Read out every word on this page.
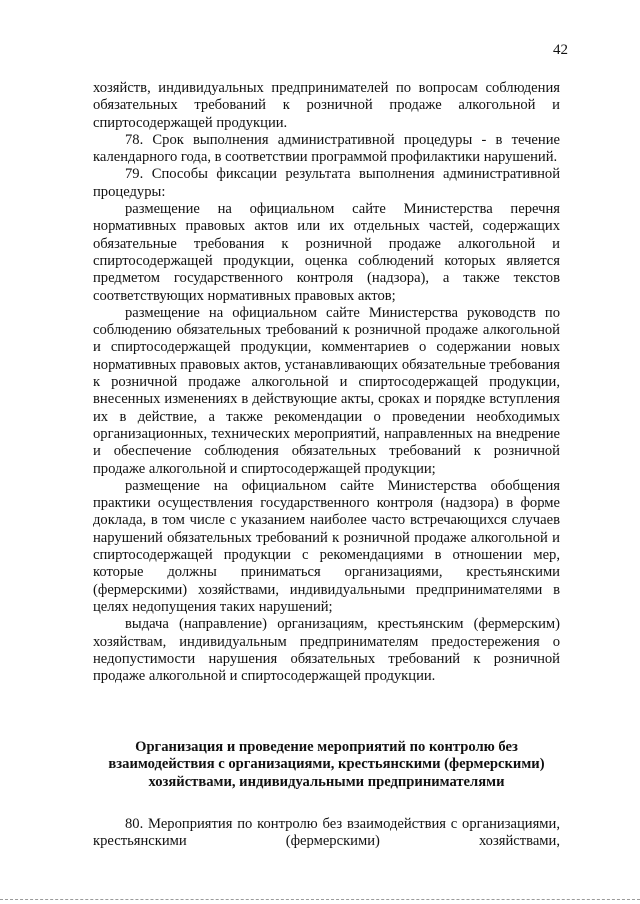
42

хозяйств, индивидуальных предпринимателей по вопросам соблюдения обязательных требований к розничной продаже алкогольной и спиртосодержащей продукции.

78. Срок выполнения административной процедуры - в течение календарного года, в соответствии программой профилактики нарушений.

79. Способы фиксации результата выполнения административной процедуры:

размещение на официальном сайте Министерства перечня нормативных правовых актов или их отдельных частей, содержащих обязательные требования к розничной продаже алкогольной и спиртосодержащей продукции, оценка соблюдений которых является предметом государственного контроля (надзора), а также текстов соответствующих нормативных правовых актов;

размещение на официальном сайте Министерства руководств по соблюдению обязательных требований к розничной продаже алкогольной и спиртосодержащей продукции, комментариев о содержании новых нормативных правовых актов, устанавливающих обязательные требования к розничной продаже алкогольной и спиртосодержащей продукции, внесенных изменениях в действующие акты, сроках и порядке вступления их в действие, а также рекомендации о проведении необходимых организационных, технических мероприятий, направленных на внедрение и обеспечение соблюдения обязательных требований к розничной продаже алкогольной и спиртосодержащей продукции;

размещение на официальном сайте Министерства обобщения практики осуществления государственного контроля (надзора) в форме доклада, в том числе с указанием наиболее часто встречающихся случаев нарушений обязательных требований к розничной продаже алкогольной и спиртосодержащей продукции с рекомендациями в отношении мер, которые должны приниматься организациями, крестьянскими (фермерскими) хозяйствами, индивидуальными предпринимателями в целях недопущения таких нарушений;

выдача (направление) организациям, крестьянским (фермерским) хозяйствам, индивидуальным предпринимателям предостережения о недопустимости нарушения обязательных требований к розничной продаже алкогольной и спиртосодержащей продукции.

Организация и проведение мероприятий по контролю без взаимодействия с организациями, крестьянскими (фермерскими) хозяйствами, индивидуальными предпринимателями

80. Мероприятия по контролю без взаимодействия с организациями, крестьянскими (фермерскими) хозяйствами,
